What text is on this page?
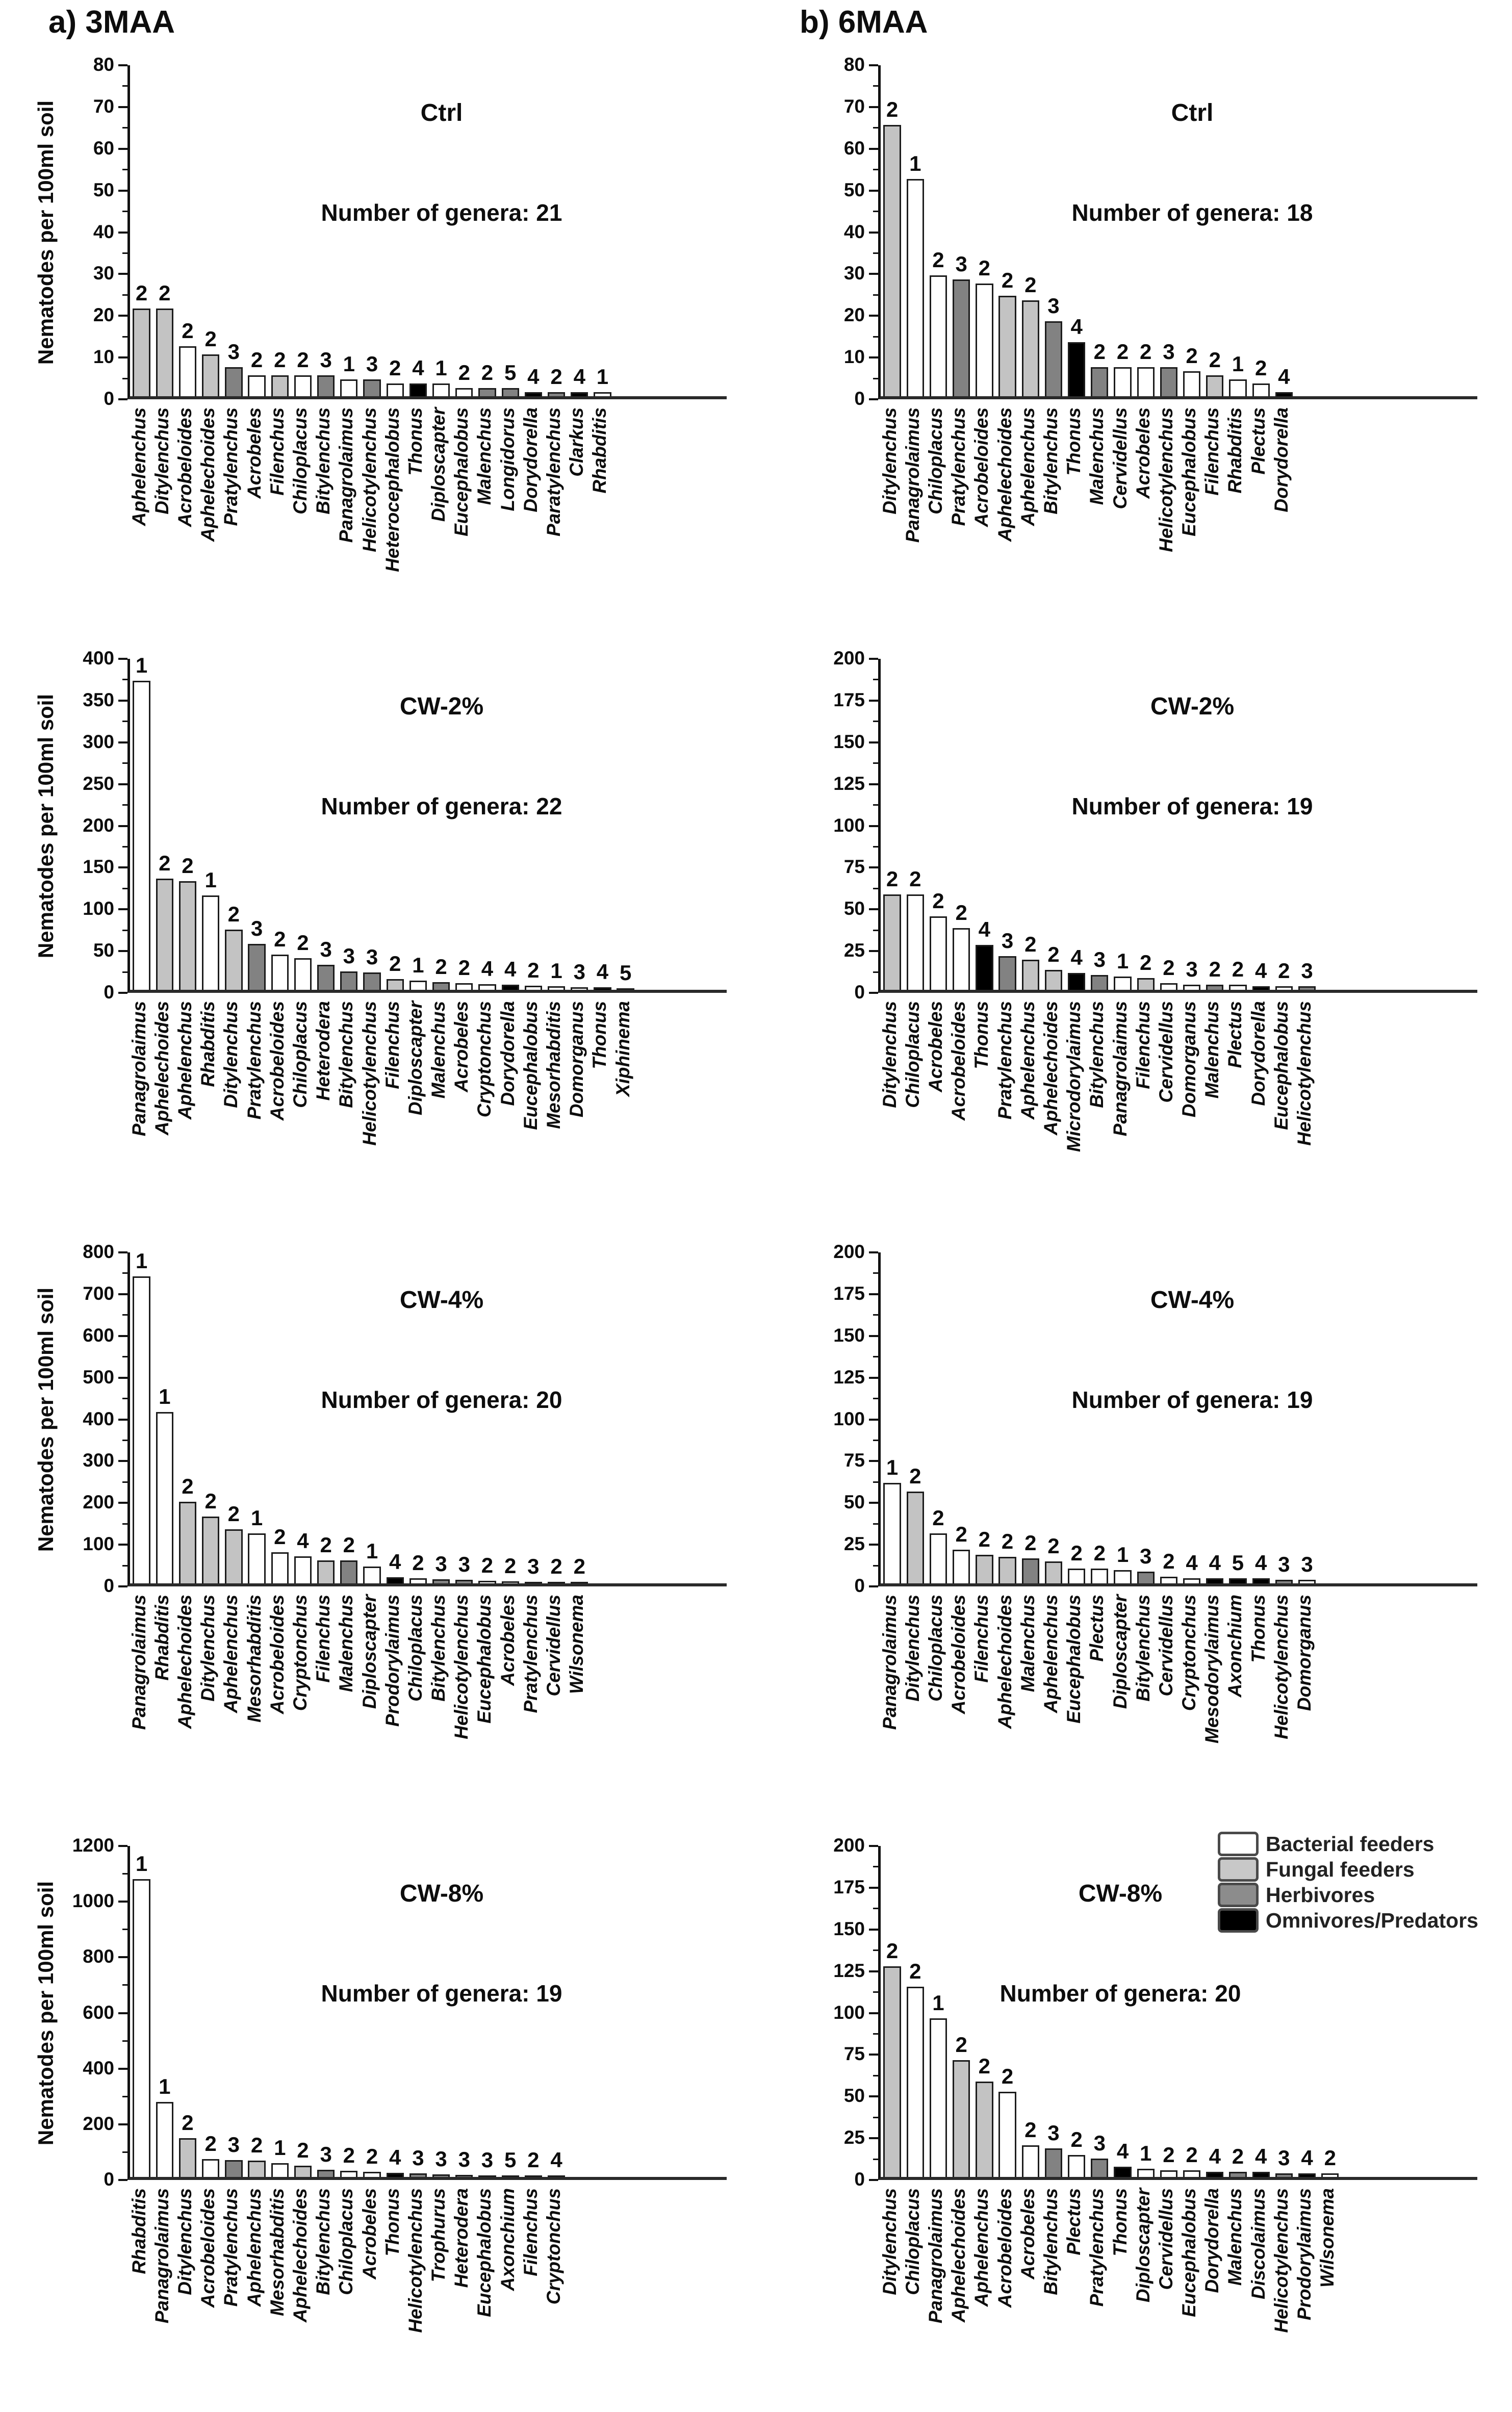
a) 3MAA	b) 6MAA
Nematodes per 100ml soil
0
10
20
30
40
50
60
70
80
2 2
2 2
3 2 2 2 3 1 3 2 4 1 2 2 5 4 2 4 1
Ctrl
Number of genera: 21
Aphelenchus Ditylenchus Acrobeloides Aphelechoides Pratylenchus Acrobeles Filenchus Chiloplacus Bitylenchus Panagrolaimus Helicotylenchus Heterocephalobus Thonus Diploscapter Eucephalobus Malenchus Longidorus Dorydorella Paratylenchus Clarkus Rhabditis
0
10
20
30
40
50
60
70
80
2
1
2 3 2
2 2
3
4
2 2 2 3 2 2 1 2 4
Ctrl
Number of genera: 18
Ditylenchus Panagrolaimus Chiloplacus Pratylenchus Acrobeloides Aphelechoides Aphelenchus Bitylenchus Thonus Malenchus Cervidellus Acrobeles Helicotylenchus Eucephalobus Filenchus Rhabditis Plectus Dorydorella
Nematodes per 100ml soil
0
50
100
150
200
250
300
350
400 1
2 2
1
2
3 2 2 3 3 3 2 1 2 2 4 4 2 1 3 4 5
CW-2%
Number of genera: 22
Panagrolaimus Aphelechoides Aphelenchus Rhabditis Ditylenchus Pratylenchus Acrobeloides Chiloplacus Heterodera Bitylenchus Helicotylenchus Filenchus Diploscapter Malenchus Acrobeles Cryptonchus Dorydorella Eucephalobus Mesorhabditis Domorganus Thonus Xiphinema
0
25
50
75
100
125
150
175
200
2 2
2 2
4 3 2 2 4 3 1 2 2 3 2 2 4 2 3
CW-2%
Number of genera: 19
Ditylenchus Chiloplacus Acrobeles Acrobeloides Thonus Pratylenchus Aphelenchus Aphelechoides Microdorylaimus Bitylenchus Panagrolaimus Filenchus Cervidellus Domorganus Malenchus Plectus Dorydorella Eucephalobus Helicotylenchus
Nematodes per 100ml soil
0
100
200
300
400
500
600
700
800 1
1
2
2
2 1
2 4 2 2 1 4 2 3 3 2 2 3 2 2
CW-4%
Number of genera: 20
Panagrolaimus Rhabditis Aphelechoides Ditylenchus Aphelenchus Mesorhabditis Acrobeloides Cryptonchus Filenchus Malenchus Diploscapter Prodorylaimus Chiloplacus Bitylenchus Helicotylenchus Eucephalobus Acrobeles Pratylenchus Cervidellus Wilsonema
0
25
50
75
100
125
150
175
200
1 2
2
2 2 2 2 2 2 2 1 3 2 4 4 5 4 3 3
CW-4%
Number of genera: 19
Panagrolaimus Ditylenchus Chiloplacus Acrobeloides Filenchus Aphelechoides Malenchus Aphelenchus Eucephalobus Plectus Diploscapter Bitylenchus Cervidellus Cryptonchus Mesodorylaimus Axonchium Thonus Helicotylenchus Domorganus
Nematodes per 100ml soil
0
200
400
600
800
1000
1200
1
1
2
2 3 2 1 2 3 2 2 4 3 3 3 3 5 2 4
CW-8%
Number of genera: 19
Rhabditis Panagrolaimus Ditylenchus Acrobeloides Pratylenchus Aphelenchus Mesorhabditis Aphelechoides Bitylenchus Chiloplacus Acrobeles Thonus Helicotylenchus Trophurus Heterodera Eucephalobus Axonchium Filenchus Cryptonchus
0
25
50
75
100
125
150
175
200
2
2
1
2
2 2
2 3 2 3 4 1 2 2 4 2 4 3 4 2
CW-8%
Number of genera: 20
Ditylenchus Chiloplacus Panagrolaimus Aphelechoides Aphelenchus Acrobeloides Acrobeles Bitylenchus Plectus Pratylenchus Thonus Diploscapter Cervidellus Eucephalobus Dorydorella Malenchus Discolaimus Helicotylenchus Prodorylaimus Wilsonema
Bacterial feeders
Fungal feeders
Herbivores
Omnivores/Predators
